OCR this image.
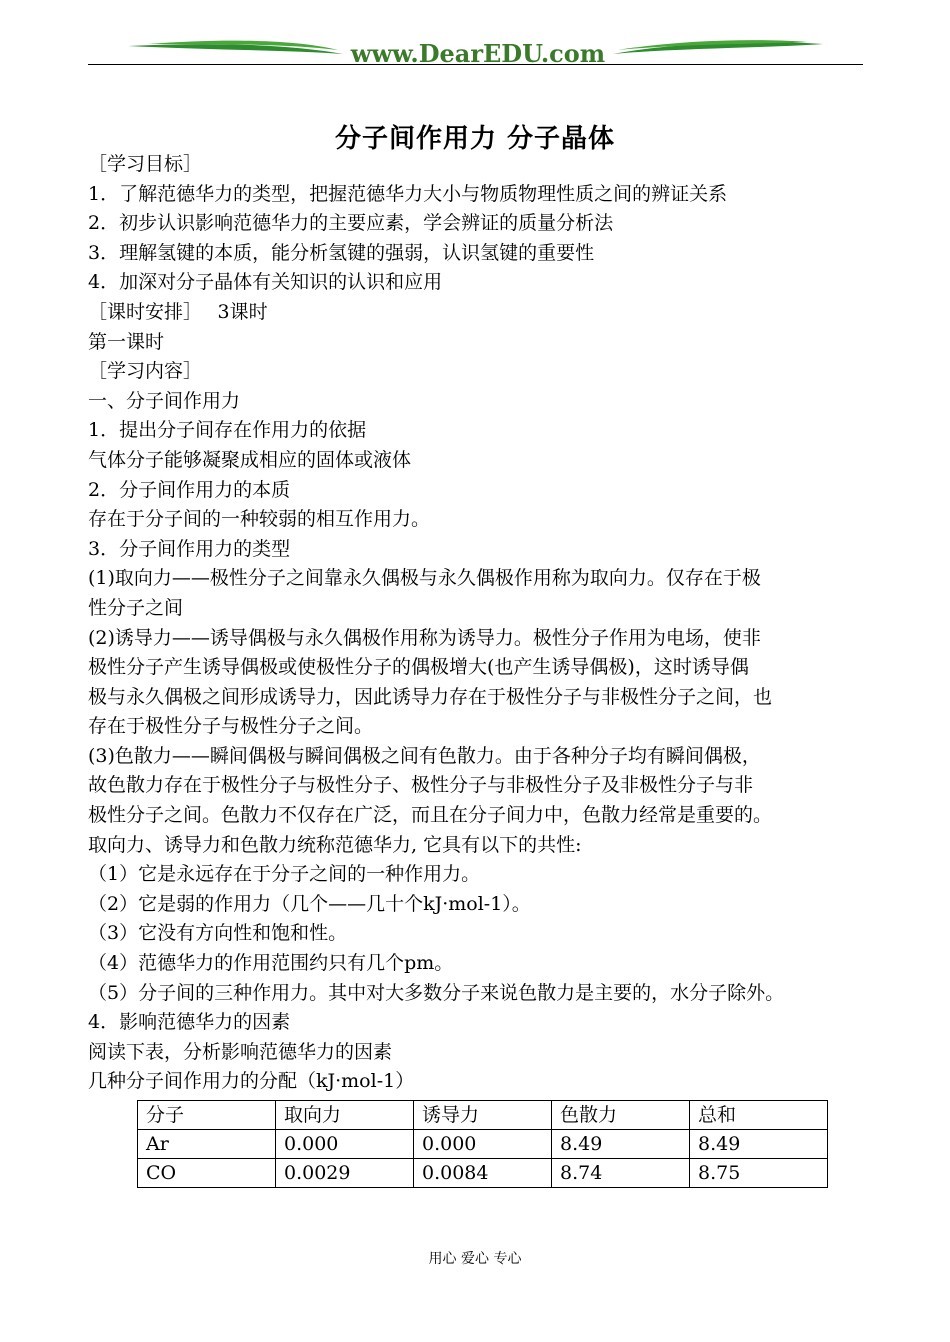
www.DearEDU.com
分子间作用力 分子晶体

［学习目标］

1．了解范德华力的类型，把握范德华力大小与物质物理性质之间的辨证关系

2．初步认识影响范德华力的主要应素，学会辨证的质量分析法

3．理解氢键的本质，能分析氢键的强弱，认识氢键的重要性

4．加深对分子晶体有关知识的认识和应用

［课时安排］　 3课时

第一课时

［学习内容］

一、分子间作用力

1．提出分子间存在作用力的依据

气体分子能够凝聚成相应的固体或液体

2．分子间作用力的本质

存在于分子间的一种较弱的相互作用力。

3．分子间作用力的类型

(1)取向力——极性分子之间靠永久偶极与永久偶极作用称为取向力。仅存在于极

性分子之间

(2)诱导力——诱导偶极与永久偶极作用称为诱导力。极性分子作用为电场，使非

极性分子产生诱导偶极或使极性分子的偶极增大(也产生诱导偶极)，这时诱导偶

极与永久偶极之间形成诱导力，因此诱导力存在于极性分子与非极性分子之间，也

存在于极性分子与极性分子之间。

(3)色散力——瞬间偶极与瞬间偶极之间有色散力。由于各种分子均有瞬间偶极，

故色散力存在于极性分子与极性分子、极性分子与非极性分子及非极性分子与非

极性分子之间。色散力不仅存在广泛，而且在分子间力中，色散力经常是重要的。

取向力、诱导力和色散力统称范德华力, 它具有以下的共性:

（1）它是永远存在于分子之间的一种作用力。

（2）它是弱的作用力（几个——几十个kJ·mol-1）。

（3）它没有方向性和饱和性。

（4）范德华力的作用范围约只有几个pm。

（5）分子间的三种作用力。其中对大多数分子来说色散力是主要的，水分子除外。

4．影响范德华力的因素

阅读下表，分析影响范德华力的因素

几种分子间作用力的分配（kJ·mol-1）

分子	取向力	诱导力	色散力	总和
Ar	0.000	0.000	8.49	8.49
CO	0.0029	0.0084	8.74	8.75
用心 爱心 专心
